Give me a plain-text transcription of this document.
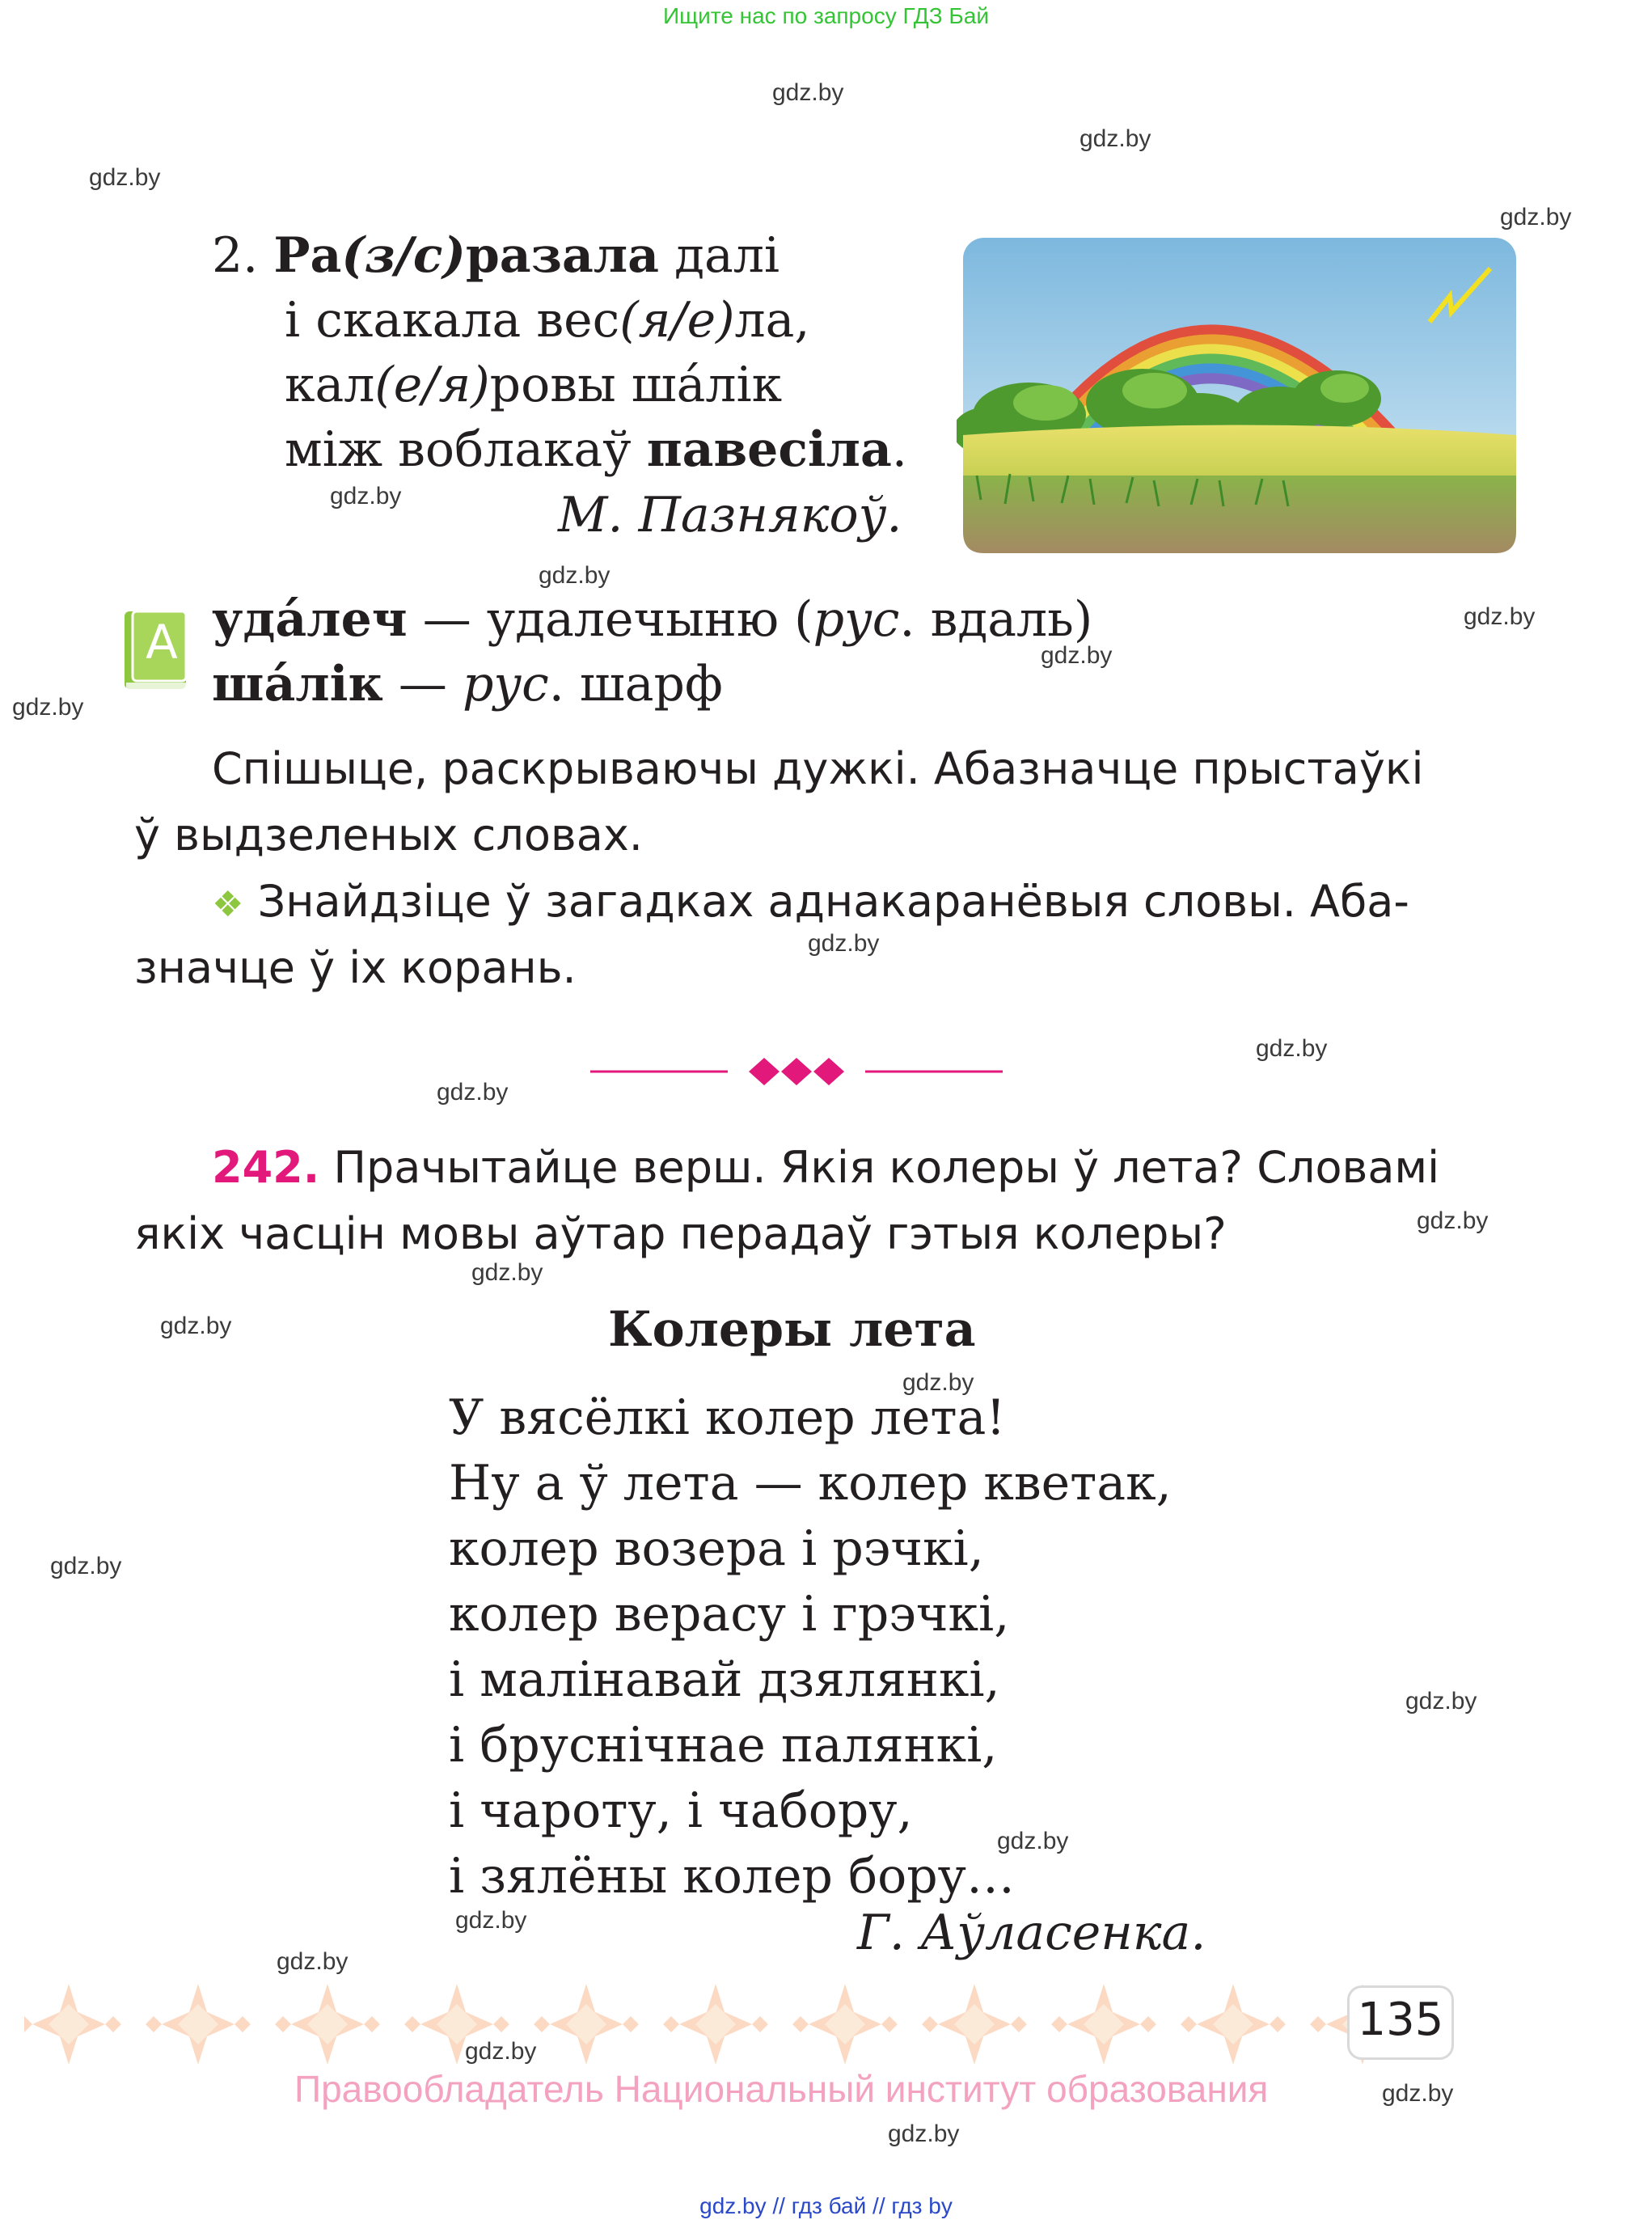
Ищите нас по запросу ГДЗ Бай
gdz.by
gdz.by
gdz.by
gdz.by
gdz.by
gdz.by
gdz.by
gdz.by
gdz.by
gdz.by
gdz.by
gdz.by
gdz.by
gdz.by
gdz.by
gdz.by
gdz.by
gdz.by
gdz.by
gdz.by
gdz.by
gdz.by
gdz.by
gdz.by
2. Ра(з/с)разала далі
і скакала вес(я/е)ла,
кал(е/я)ровы ша́лік
між воблакаў павесіла.
М. Пазнякоў.
А уда́леч — удалечыню (рус. вдаль)
ша́лік — рус. шарф
Спішыце, раскрываючы дужкі. Абазначце прыстаўкі
ў выдзеленых словах.
❖ Знайдзіце ў загадках аднакаранёвыя словы. Аба-
значце ў іх корань.
242. Прачытайце верш. Якія колеры ў лета? Словамі
якіх часцін мовы аўтар перадаў гэтыя колеры?
Колеры лета
У вясёлкі колер лета!
Ну а ў лета — колер кветак,
колер возера і рэчкі,
колер верасу і грэчкі,
і малінавай дзялянкі,
і бруснічнае палянкі,
і чароту, і чабору,
і зялёны колер бору…
Г. Аўласенка.
135
Правообладатель Национальный институт образования
gdz.by // гдз бай // гдз by
